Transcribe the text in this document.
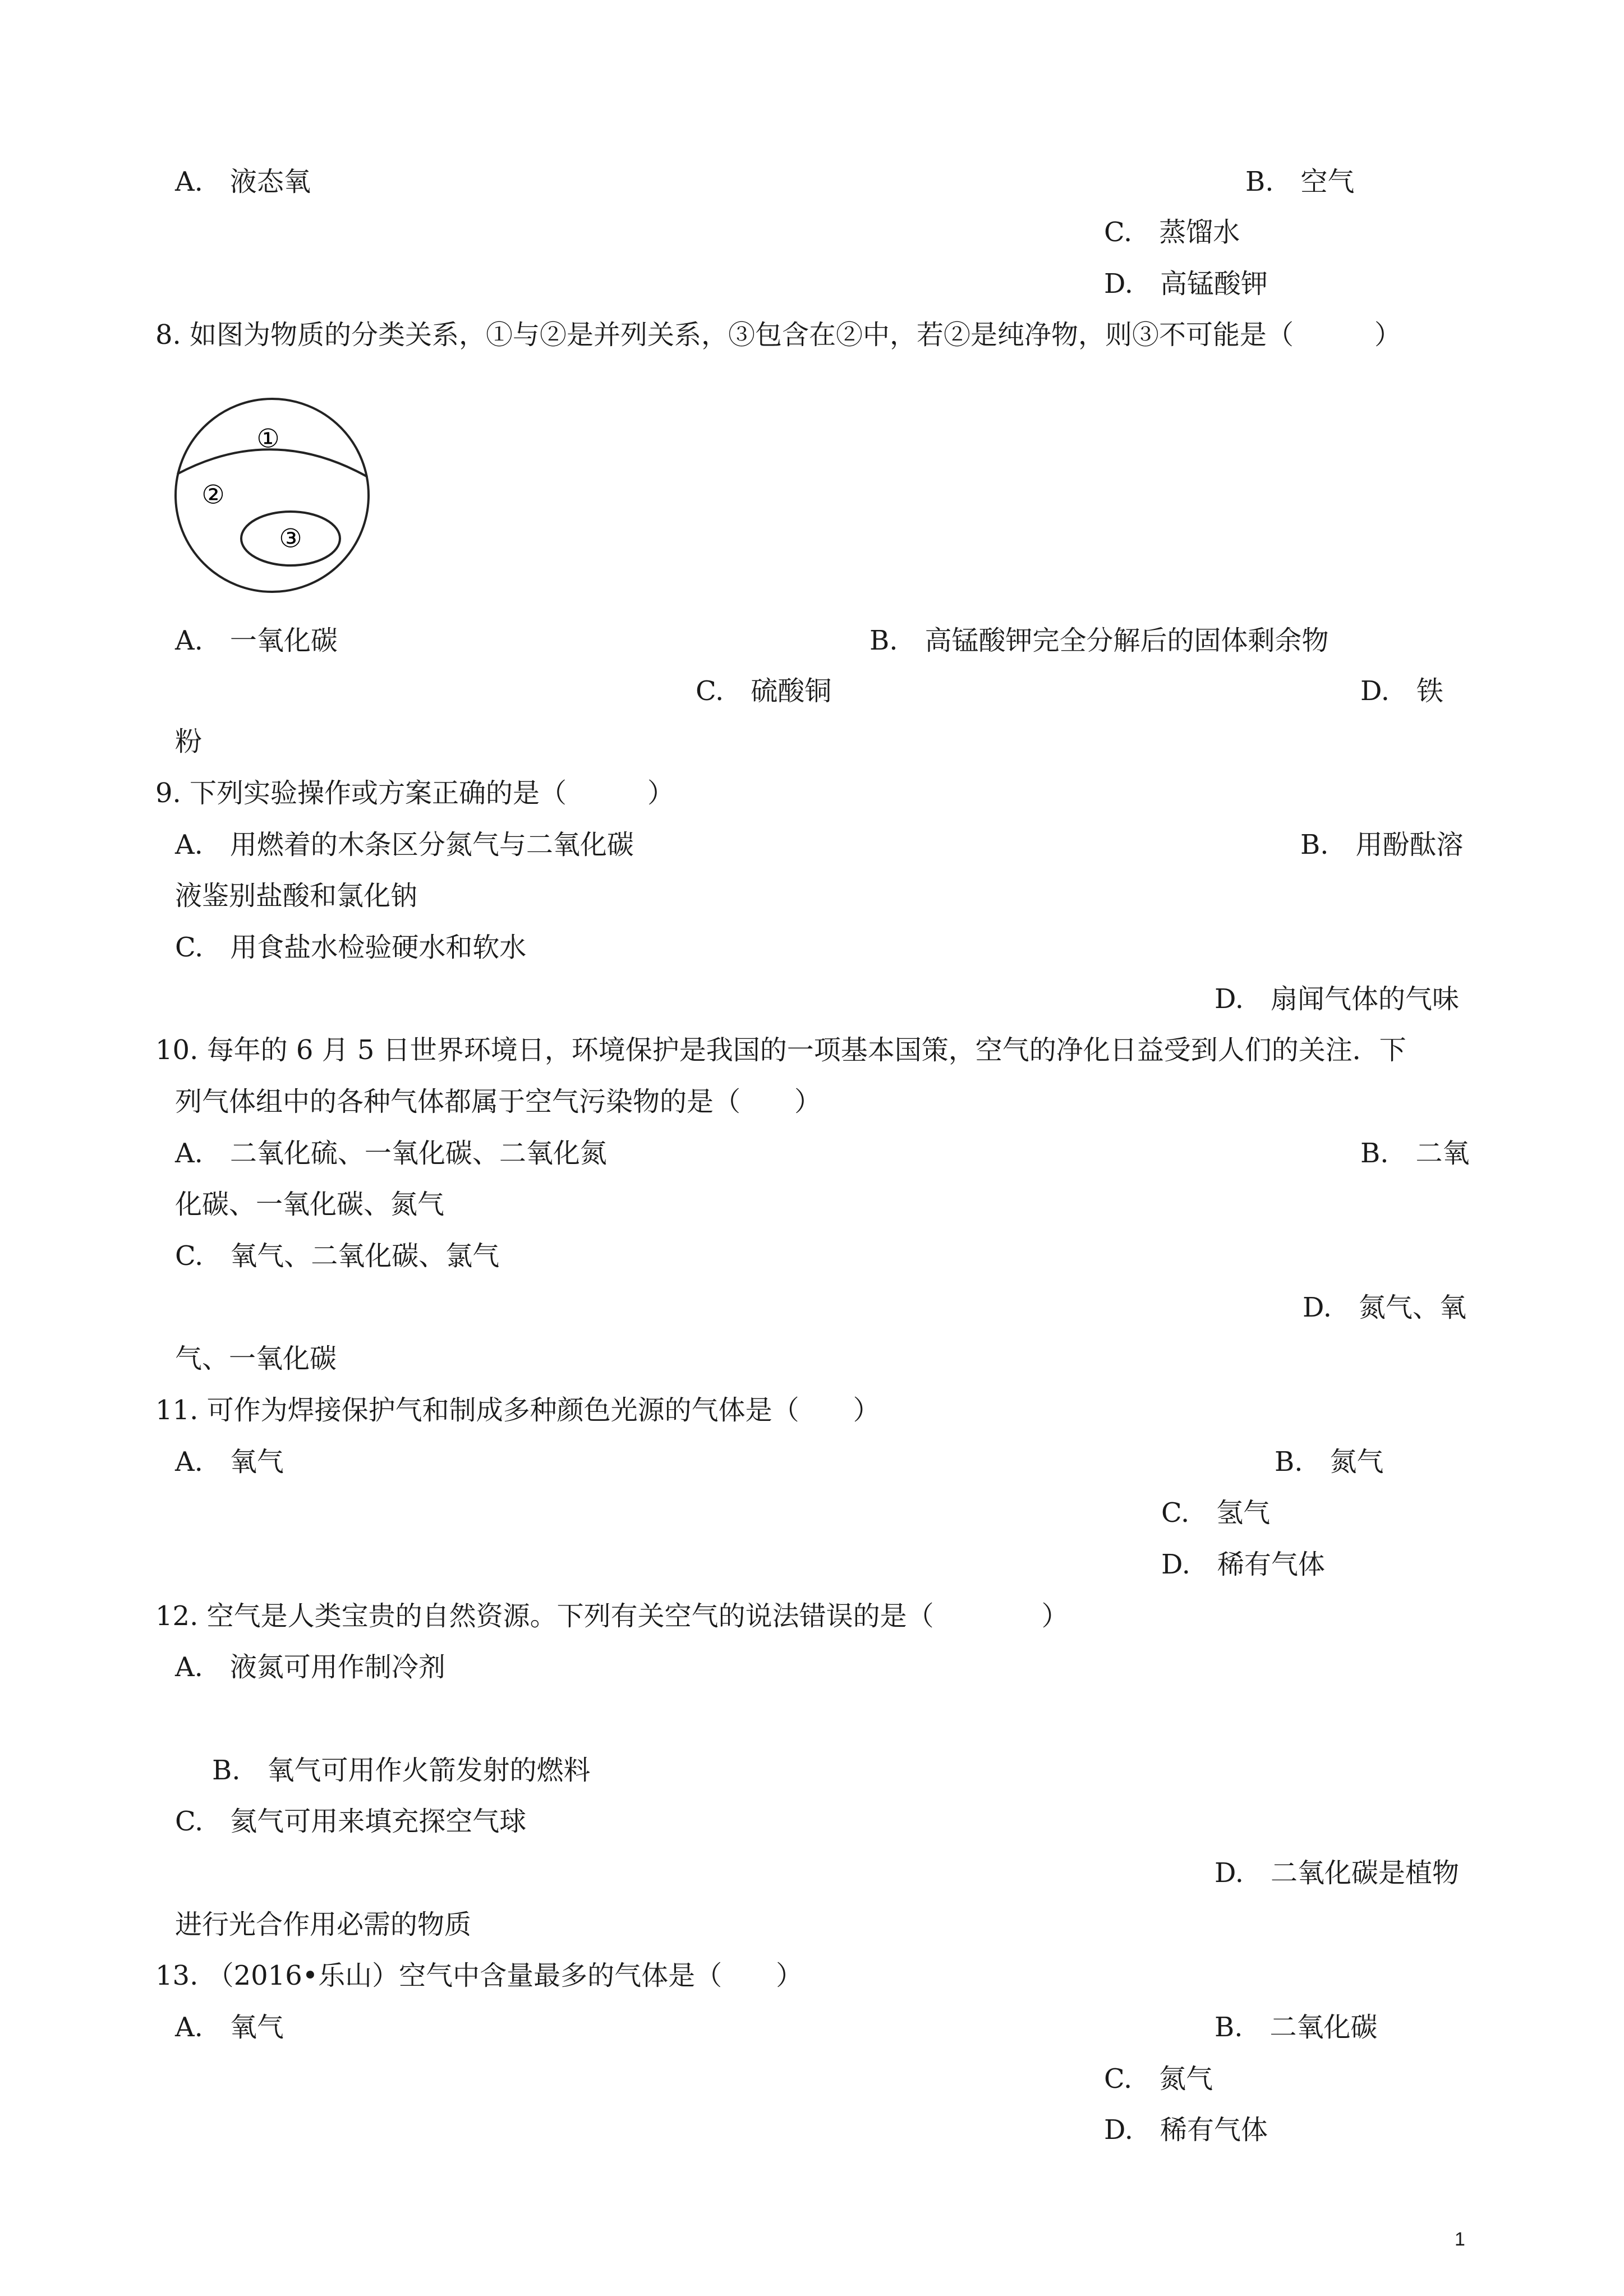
A.　液态氧	B.　空气
C.　蒸馏水
D.　高锰酸钾
8. 如图为物质的分类关系，①与②是并列关系，③包含在②中，若②是纯净物，则③不可能是（　　　）
①
②
③
A.　一氧化碳	B.　高锰酸钾完全分解后的固体剩余物
C.　硫酸铜	D.　铁
粉
9. 下列实验操作或方案正确的是（　　　）
A.　用燃着的木条区分氮气与二氧化碳	B.　用酚酞溶
液鉴别盐酸和氯化钠
C.　用食盐水检验硬水和软水
D.　扇闻气体的气味
10. 每年的 6 月 5 日世界环境日，环境保护是我国的一项基本国策，空气的净化日益受到人们的关注．下
列气体组中的各种气体都属于空气污染物的是（　　）
A.　二氧化硫、一氧化碳、二氧化氮	B.　二氧
化碳、一氧化碳、氮气
C.　氧气、二氧化碳、氯气
D.　氮气、氧
气、一氧化碳
11. 可作为焊接保护气和制成多种颜色光源的气体是（　　）
A.　氧气	B.　氮气
C.　氢气
D.　稀有气体
12. 空气是人类宝贵的自然资源。下列有关空气的说法错误的是（　　　　）
A.　液氮可用作制冷剂
B.　氧气可用作火箭发射的燃料
C.　氦气可用来填充探空气球
D.　二氧化碳是植物
进行光合作用必需的物质
13. （2016•乐山）空气中含量最多的气体是（　　）
A.　氧气	B.　二氧化碳
C.　氮气
D.　稀有气体
1
